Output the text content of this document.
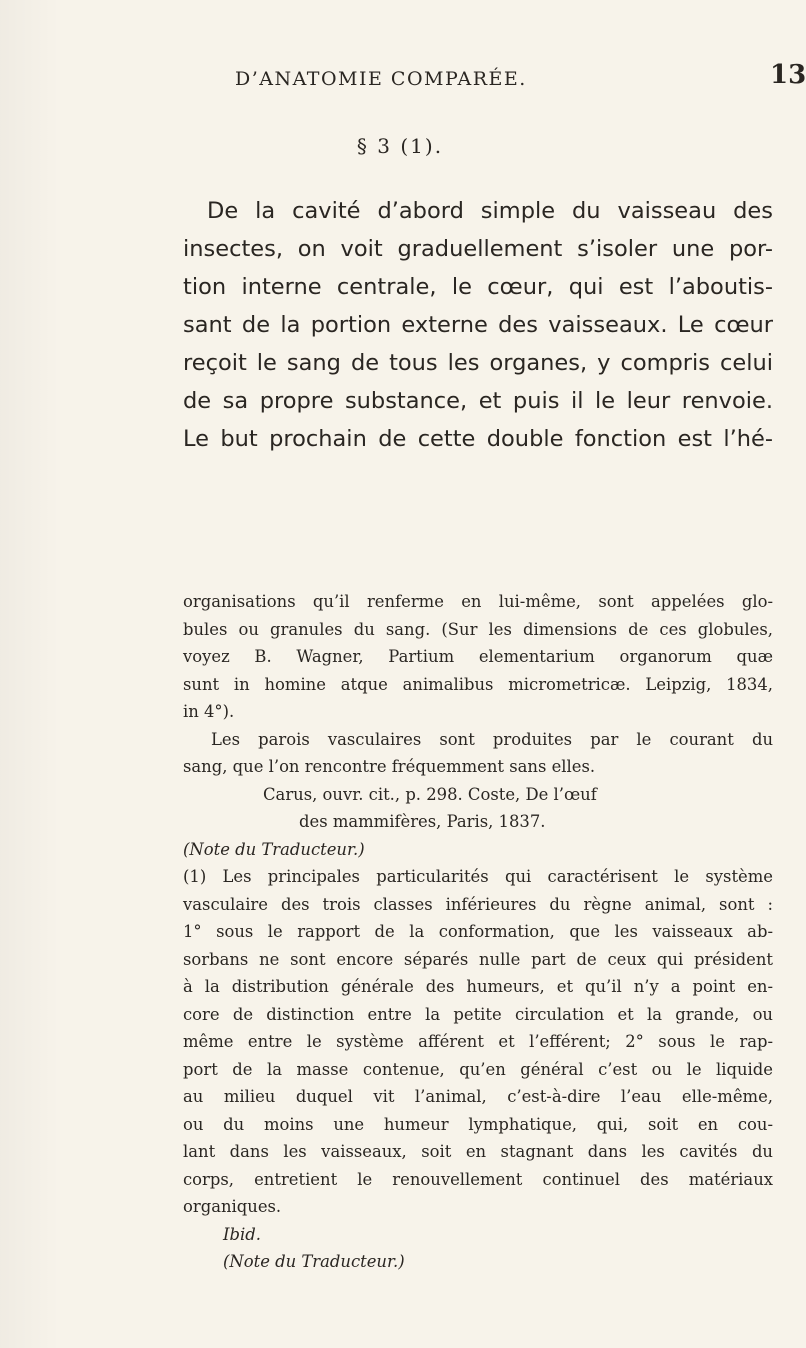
D’ANATOMIE COMPARÉE.	13
§ 3 (1).
De la cavité d’abord simple du vaisseau des
insectes, on voit graduellement s’isoler une por-
tion interne centrale, le cœur, qui est l’aboutis-
sant de la portion externe des vaisseaux. Le cœur
reçoit le sang de tous les organes, y compris celui
de sa propre substance, et puis il le leur renvoie.
Le but prochain de cette double fonction est l’hé-
organisations qu’il renferme en lui-même, sont appelées glo-
bules ou granules du sang. (Sur les dimensions de ces globules,
voyez B. Wagner, Partium elementarium organorum quæ
sunt in homine atque animalibus micrometricæ. Leipzig, 1834,
in 4°).
Les parois vasculaires sont produites par le courant du
sang, que l’on rencontre fréquemment sans elles.
Carus, ouvr. cit., p. 298. Coste, De l’œuf
des mammifères, Paris, 1837.
(Note du Traducteur.)
(1) Les principales particularités qui caractérisent le système
vasculaire des trois classes inférieures du règne animal, sont :
1° sous le rapport de la conformation, que les vaisseaux ab-
sorbans ne sont encore séparés nulle part de ceux qui président
à la distribution générale des humeurs, et qu’il n’y a point en-
core de distinction entre la petite circulation et la grande, ou
même entre le système afférent et l’efférent; 2° sous le rap-
port de la masse contenue, qu’en général c’est ou le liquide
au milieu duquel vit l’animal, c’est-à-dire l’eau elle-même,
ou du moins une humeur lymphatique, qui, soit en cou-
lant dans les vaisseaux, soit en stagnant dans les cavités du
corps, entretient le renouvellement continuel des matériaux
organiques.
Ibid.
(Note du Traducteur.)
